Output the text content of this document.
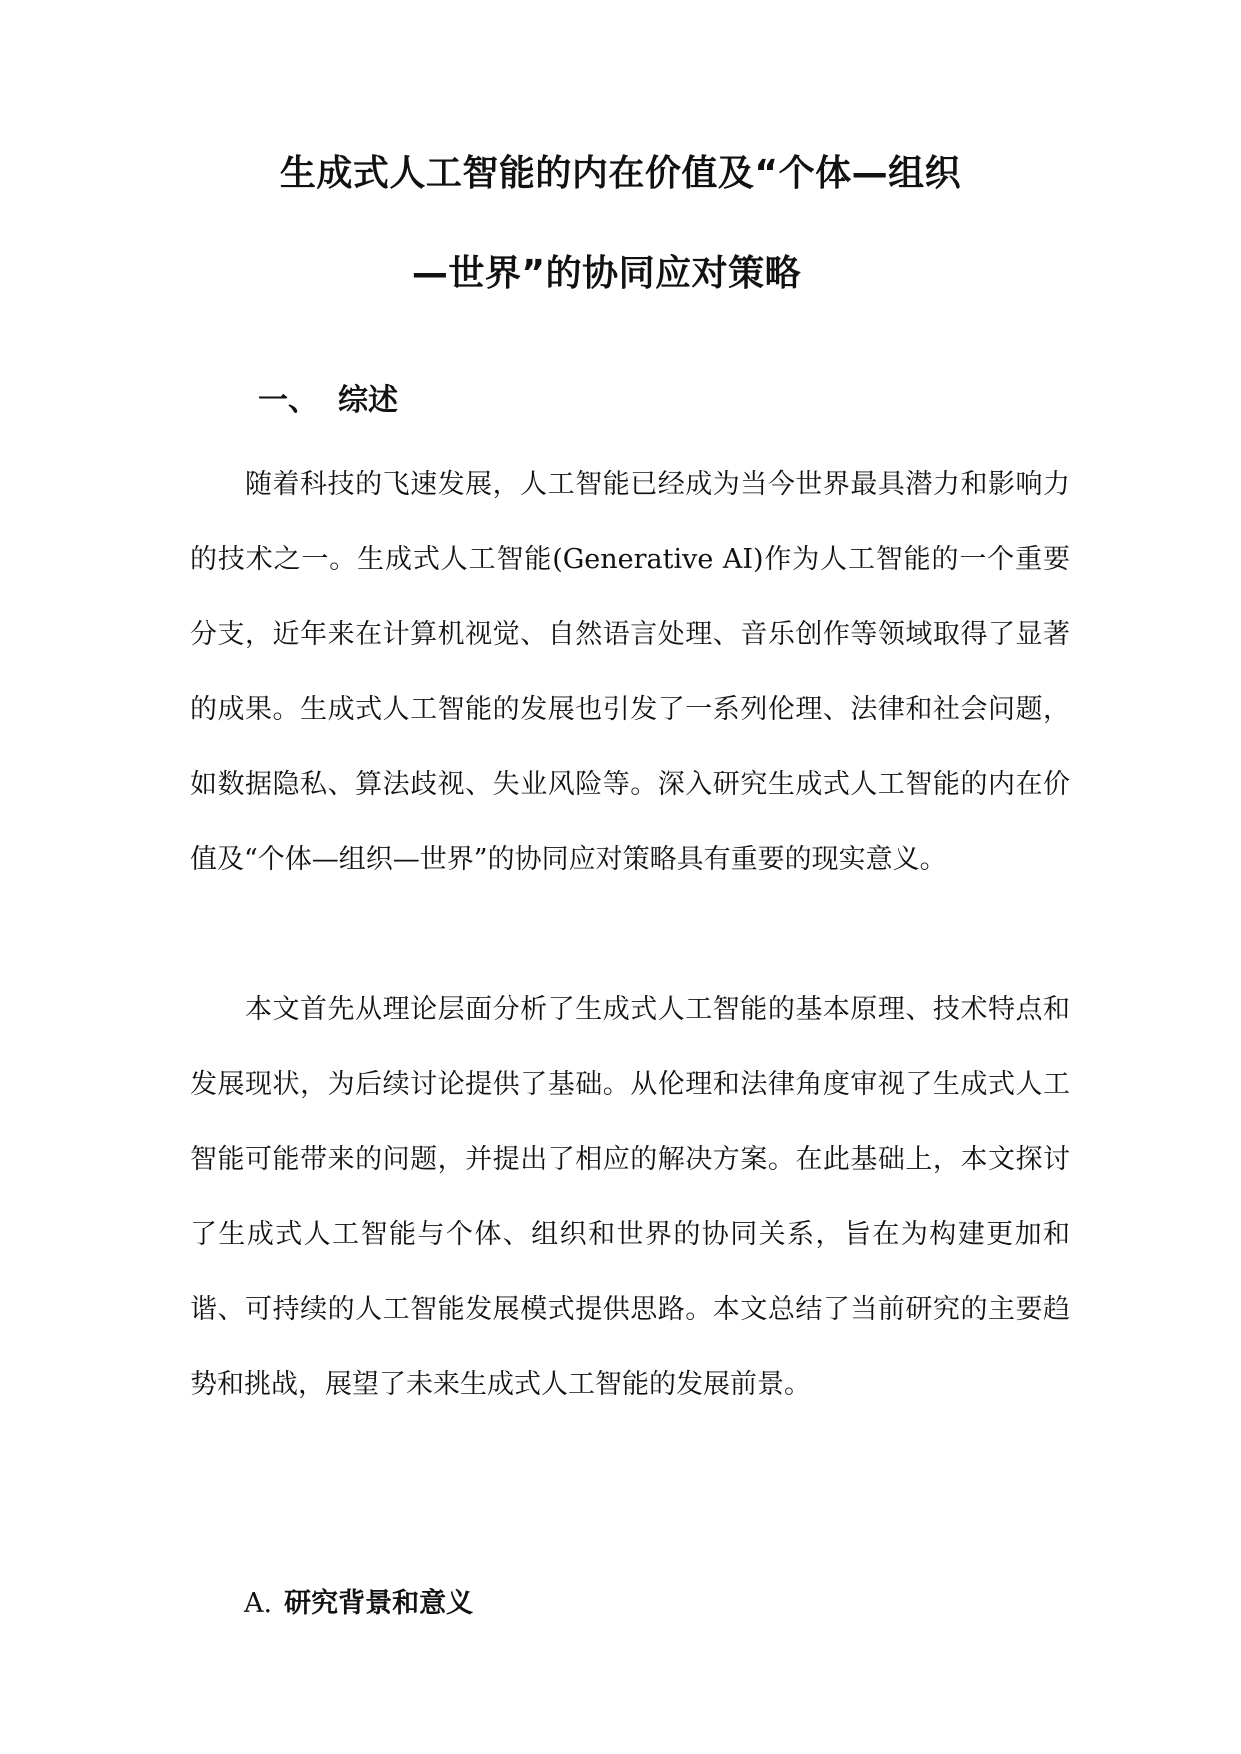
生成式人工智能的内在价值及“个体—组织
—世界”的协同应对策略
一、 综述

随着科技的飞速发展，人工智能已经成为当今世界最具潜力和影响力的技术之一。生成式人工智能(Generative AI)作为人工智能的一个重要分支，近年来在计算机视觉、自然语言处理、音乐创作等领域取得了显著的成果。生成式人工智能的发展也引发了一系列伦理、法律和社会问题，如数据隐私、算法歧视、失业风险等。深入研究生成式人工智能的内在价值及“个体—组织—世界”的协同应对策略具有重要的现实意义。

本文首先从理论层面分析了生成式人工智能的基本原理、技术特点和发展现状，为后续讨论提供了基础。从伦理和法律角度审视了生成式人工智能可能带来的问题，并提出了相应的解决方案。在此基础上，本文探讨了生成式人工智能与个体、组织和世界的协同关系，旨在为构建更加和谐、可持续的人工智能发展模式提供思路。本文总结了当前研究的主要趋势和挑战，展望了未来生成式人工智能的发展前景。

A. 研究背景和意义
